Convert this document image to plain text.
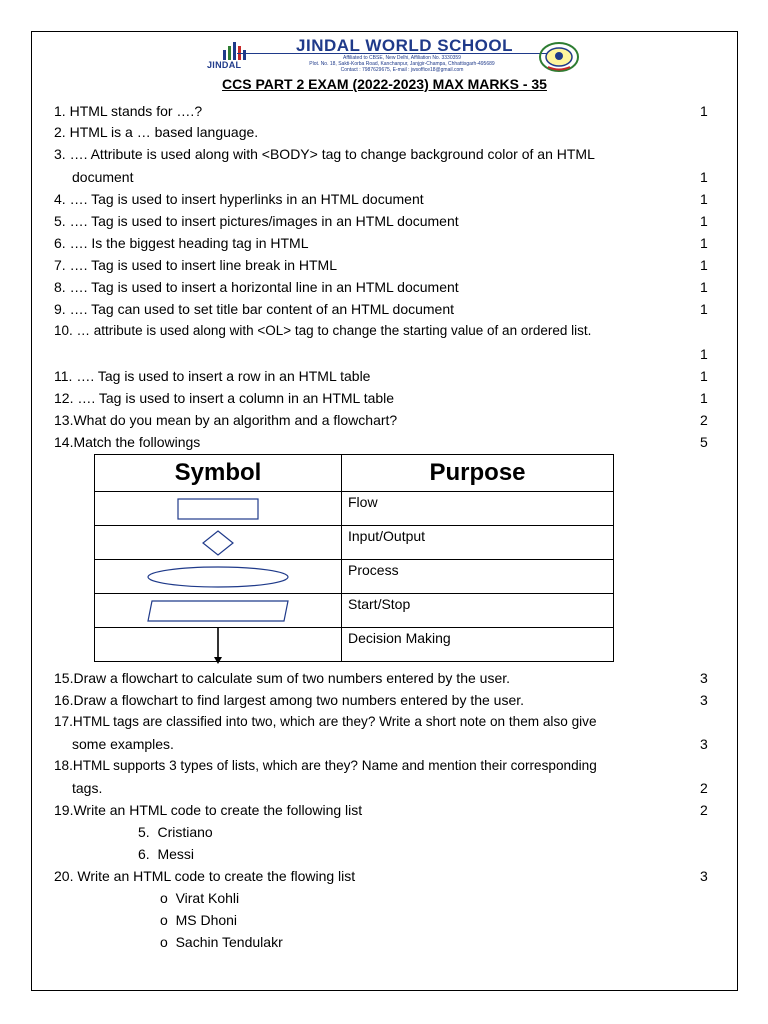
JINDAL
JINDAL WORLD SCHOOL
Affiliated to CBSE, New Delhi, Affiliation No. 3330359
Plot. No. 18, Sakti-Korba Road, Kanchanpur, Janjgir-Champa, Chhattisgarh-495689
Contact : 7987629675, E-mail : jwsoffice18@gmail.com
CCS PART 2 EXAM (2022-2023) MAX MARKS - 35
1. HTML stands for ….?	1
2. HTML is a … based language.
3. …. Attribute is used along with <BODY> tag to change background color of an HTML
document	1
4. …. Tag is used to insert hyperlinks in an HTML document	1
5. …. Tag is used to insert pictures/images in an HTML document	1
6. …. Is the biggest heading tag in HTML	1
7. …. Tag is used to insert line break in HTML	1
8. …. Tag is used to insert a horizontal line in an HTML document	1
9. …. Tag can used to set title bar content of an HTML document	1
10. … attribute is used along with <OL> tag to change the starting value of an ordered list.
1
11. …. Tag is used to insert a row in an HTML table	1
12. …. Tag is used to insert a column in an HTML table	1
13.What do you mean by an algorithm and a flowchart?	2
14.Match the followings	5
Symbol	Purpose

	Flow

	Input/Output

	Process

	Start/Stop

	Decision Making
15.Draw a flowchart to calculate sum of two numbers entered by the user.	3
16.Draw a flowchart to find largest among two numbers entered by the user.	3
17.HTML tags are classified into two, which are they? Write a short note on them also give
some examples.	3
18.HTML supports 3 types of lists, which are they? Name and mention their corresponding
tags.	2
19.Write an HTML code to create the following list	2
5. Cristiano
6. Messi
20. Write an HTML code to create the flowing list	3
o Virat Kohli
o MS Dhoni
o Sachin Tendulakr
